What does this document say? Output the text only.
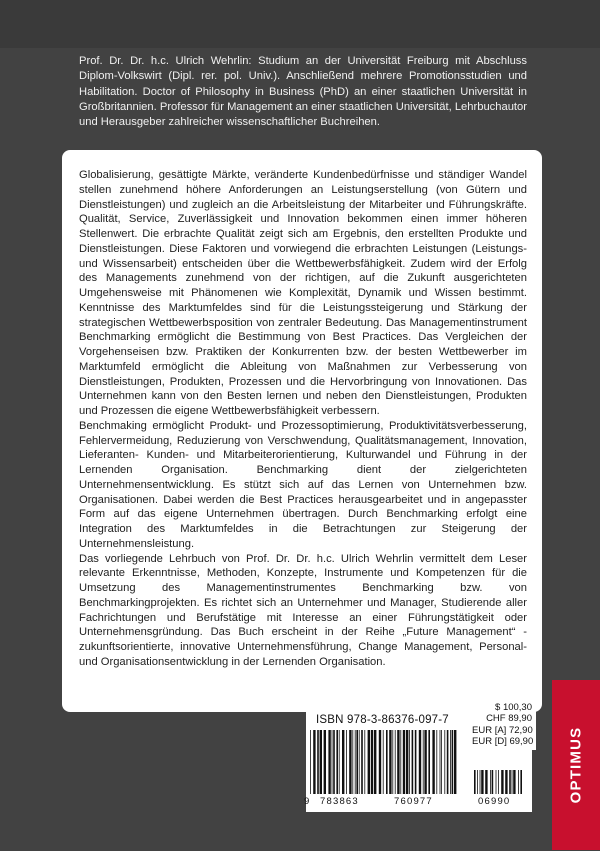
Prof. Dr. Dr. h.c. Ulrich Wehrlin: Studium an der Universität Freiburg mit Abschluss Diplom-Volkswirt (Dipl. rer. pol. Univ.). Anschließend mehrere Promotionsstudien und Habilitation. Doctor of Philosophy in Business (PhD) an einer staatlichen Universität in Großbritannien. Professor für Management an einer staatlichen Universität, Lehrbuchautor und Herausgeber zahlreicher wissenschaftlicher Buchreihen.

Globalisierung, gesättigte Märkte, veränderte Kundenbedürfnisse und ständiger Wandel stellen zunehmend höhere Anforderungen an Leistungserstellung (von Gütern und Dienstleistungen) und zugleich an die Arbeitsleistung der Mitarbeiter und Führungskräfte. Qualität, Service, Zuverlässigkeit und Innovation bekommen einen immer höheren Stellenwert. Die erbrachte Qualität zeigt sich am Ergebnis, den erstellten Produkte und Dienstleistungen. Diese Faktoren und vorwiegend die erbrachten Leistungen (Leistungs- und Wissensarbeit) entscheiden über die Wettbewerbsfähigkeit. Zudem wird der Erfolg des Managements zunehmend von der richtigen, auf die Zukunft ausgerichteten Umgehensweise mit Phänomenen wie Komplexität, Dynamik und Wissen bestimmt. Kenntnisse des Marktumfeldes sind für die Leistungssteigerung und Stärkung der strategischen Wettbewerbsposition von zentraler Bedeutung. Das Managementinstrument Benchmarking ermöglicht die Bestimmung von Best Practices. Das Vergleichen der Vorgehenseisen bzw. Praktiken der Konkurrenten bzw. der besten Wettbewerber im Marktumfeld ermöglicht die Ableitung von Maßnahmen zur Verbesserung von Dienstleistungen, Produkten, Prozessen und die Hervorbringung von Innovationen. Das Unternehmen kann von den Besten lernen und neben den Dienstleistungen, Produkten und Prozessen die eigene Wettbewerbsfähigkeit verbessern.

Benchmaking ermöglicht Produkt- und Prozessoptimierung, Produktivitätsverbesserung, Fehlervermeidung, Reduzierung von Verschwendung, Qualitätsmanagement, Innovation, Lieferanten- Kunden- und Mitarbeiterorientierung, Kulturwandel und Führung in der Lernenden Organisation. Benchmarking dient der zielgerichteten Unternehmensentwicklung. Es stützt sich auf das Lernen von Unternehmen bzw. Organisationen. Dabei werden die Best Practices herausgearbeitet und in angepasster Form auf das eigene Unternehmen übertragen. Durch Benchmarking erfolgt eine Integration des Marktumfeldes in die Betrachtungen zur Steigerung der Unternehmensleistung.

Das vorliegende Lehrbuch von Prof. Dr. Dr. h.c. Ulrich Wehrlin vermittelt dem Leser relevante Erkenntnisse, Methoden, Konzepte, Instrumente und Kompetenzen für die Umsetzung des Managementinstrumentes Benchmarking bzw. von Benchmarkingprojekten. Es richtet sich an Unternehmer und Manager, Studierende aller Fachrichtungen und Berufstätige mit Interesse an einer Führungstätigkeit oder Unternehmensgründung. Das Buch erscheint in der Reihe „Future Management“ - zukunftsorientierte, innovative Unternehmensführung, Change Management, Personal- und Organisationsentwicklung in der Lernenden Organisation.

ISBN 978-3-86376-097-7
9 783863	760977	06990
$ 100,30
CHF 89,90
EUR [A] 72,90
EUR [D] 69,90 OPTIMUS
